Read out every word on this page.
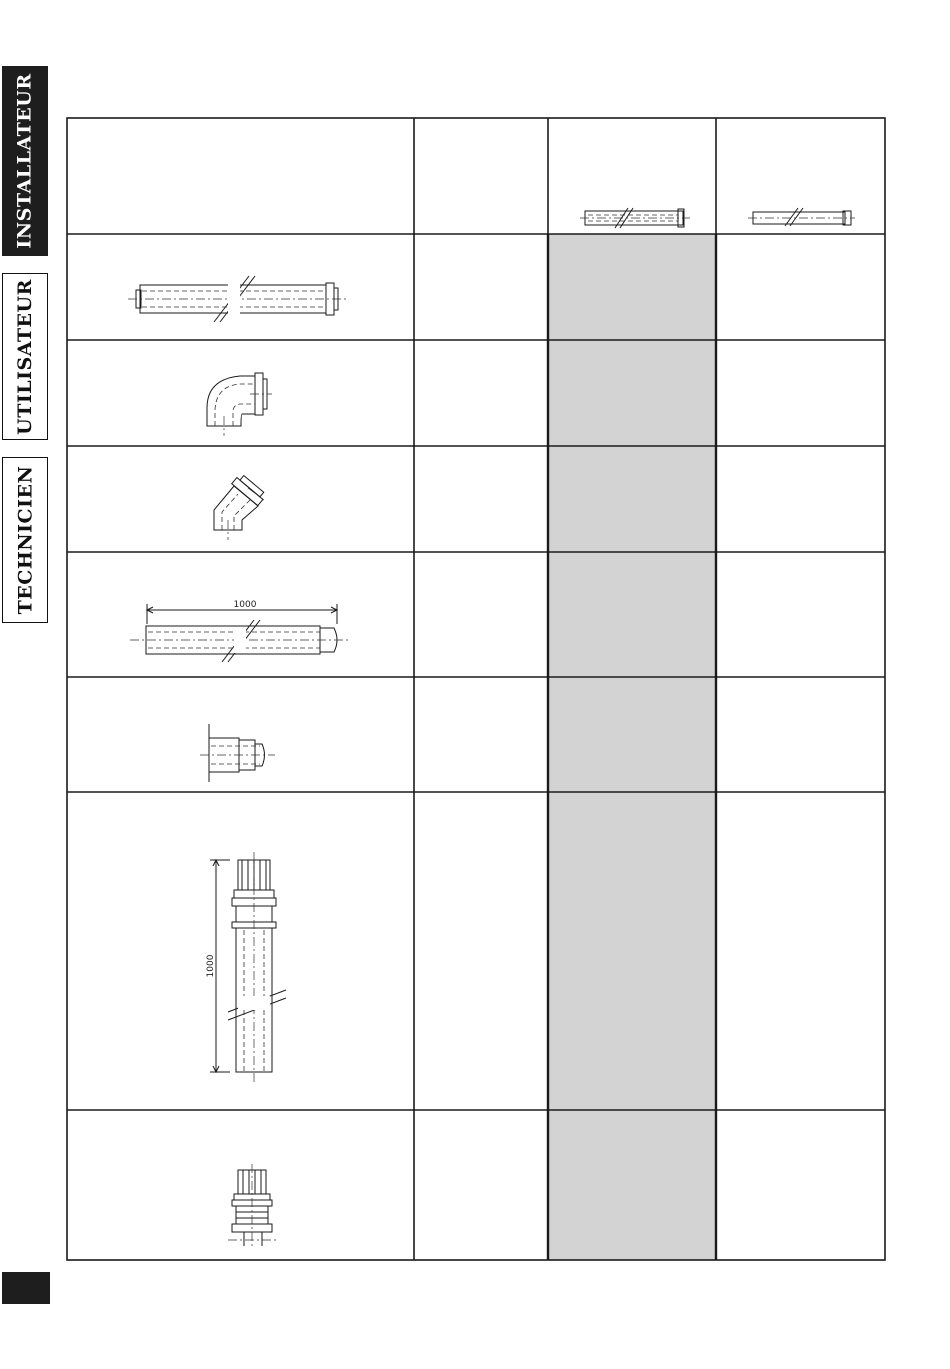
INSTALLATEUR
UTILISATEUR
TECHNICIEN	1000
1000
